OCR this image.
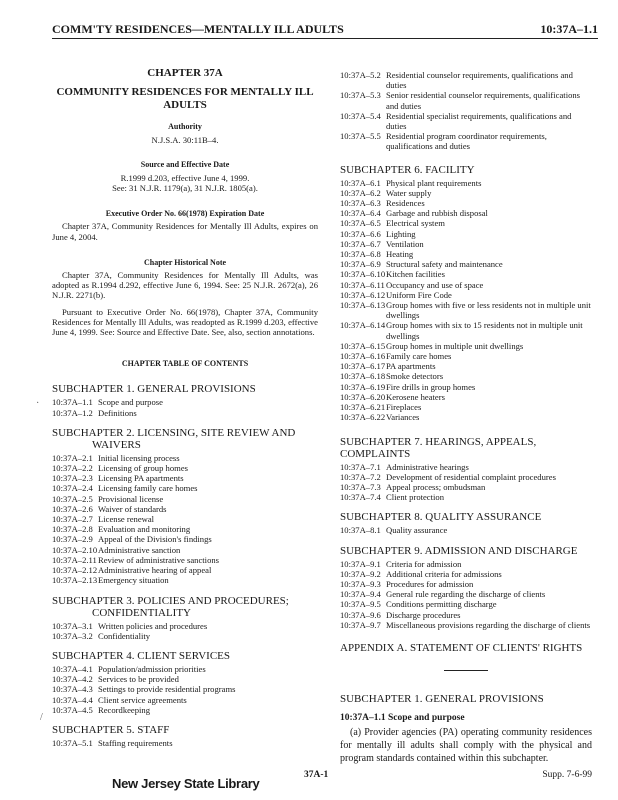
COMM'TY RESIDENCES—MENTALLY ILL ADULTS	10:37A–1.1
CHAPTER 37A
COMMUNITY RESIDENCES FOR MENTALLY ILL ADULTS
Authority
N.J.S.A. 30:11B–4.
Source and Effective Date
R.1999 d.203, effective June 4, 1999.
See: 31 N.J.R. 1179(a), 31 N.J.R. 1805(a).
Executive Order No. 66(1978) Expiration Date
Chapter 37A, Community Residences for Mentally Ill Adults, expires on June 4, 2004.
Chapter Historical Note
Chapter 37A, Community Residences for Mentally Ill Adults, was adopted as R.1994 d.292, effective June 6, 1994. See: 25 N.J.R. 2672(a), 26 N.J.R. 2271(b).
Pursuant to Executive Order No. 66(1978), Chapter 37A, Community Residences for Mentally Ill Adults, was readopted as R.1999 d.203, effective June 4, 1999. See: Source and Effective Date. See, also, section annotations.
CHAPTER TABLE OF CONTENTS
SUBCHAPTER 1. GENERAL PROVISIONS
10:37A–1.1 Scope and purpose
10:37A–1.2 Definitions
SUBCHAPTER 2. LICENSING, SITE REVIEW AND
WAIVERS
10:37A–2.1 Initial licensing process
10:37A–2.2 Licensing of group homes
10:37A–2.3 Licensing PA apartments
10:37A–2.4 Licensing family care homes
10:37A–2.5 Provisional license
10:37A–2.6 Waiver of standards
10:37A–2.7 License renewal
10:37A–2.8 Evaluation and monitoring
10:37A–2.9 Appeal of the Division's findings
10:37A–2.10 Administrative sanction
10:37A–2.11 Review of administrative sanctions
10:37A–2.12 Administrative hearing of appeal
10:37A–2.13 Emergency situation
SUBCHAPTER 3. POLICIES AND PROCEDURES;
CONFIDENTIALITY
10:37A–3.1 Written policies and procedures
10:37A–3.2 Confidentiality
SUBCHAPTER 4. CLIENT SERVICES
10:37A–4.1 Population/admission priorities
10:37A–4.2 Services to be provided
10:37A–4.3 Settings to provide residential programs
10:37A–4.4 Client service agreements
10:37A–4.5 Recordkeeping
SUBCHAPTER 5. STAFF
10:37A–5.1 Staffing requirements
10:37A–5.2 Residential counselor requirements, qualifications and duties
10:37A–5.3 Senior residential counselor requirements, qualifications and duties
10:37A–5.4 Residential specialist requirements, qualifications and duties
10:37A–5.5 Residential program coordinator requirements, qualifications and duties
SUBCHAPTER 6. FACILITY
10:37A–6.1 Physical plant requirements
10:37A–6.2 Water supply
10:37A–6.3 Residences
10:37A–6.4 Garbage and rubbish disposal
10:37A–6.5 Electrical system
10:37A–6.6 Lighting
10:37A–6.7 Ventilation
10:37A–6.8 Heating
10:37A–6.9 Structural safety and maintenance
10:37A–6.10 Kitchen facilities
10:37A–6.11 Occupancy and use of space
10:37A–6.12 Uniform Fire Code
10:37A–6.13 Group homes with five or less residents not in multiple unit dwellings
10:37A–6.14 Group homes with six to 15 residents not in multiple unit dwellings
10:37A–6.15 Group homes in multiple unit dwellings
10:37A–6.16 Family care homes
10:37A–6.17 PA apartments
10:37A–6.18 Smoke detectors
10:37A–6.19 Fire drills in group homes
10:37A–6.20 Kerosene heaters
10:37A–6.21 Fireplaces
10:37A–6.22 Variances
SUBCHAPTER 7. HEARINGS, APPEALS, COMPLAINTS
10:37A–7.1 Administrative hearings
10:37A–7.2 Development of residential complaint procedures
10:37A–7.3 Appeal process; ombudsman
10:37A–7.4 Client protection
SUBCHAPTER 8. QUALITY ASSURANCE
10:37A–8.1 Quality assurance
SUBCHAPTER 9. ADMISSION AND DISCHARGE
10:37A–9.1 Criteria for admission
10:37A–9.2 Additional criteria for admissions
10:37A–9.3 Procedures for admission
10:37A–9.4 General rule regarding the discharge of clients
10:37A–9.5 Conditions permitting discharge
10:37A–9.6 Discharge procedures
10:37A–9.7 Miscellaneous provisions regarding the discharge of clients
APPENDIX A. STATEMENT OF CLIENTS' RIGHTS
SUBCHAPTER 1. GENERAL PROVISIONS
10:37A–1.1 Scope and purpose
(a) Provider agencies (PA) operating community residences for mentally ill adults shall comply with the physical and program standards contained within this subchapter.
37A-1	Supp. 7-6-99
New Jersey State Library
·
/
